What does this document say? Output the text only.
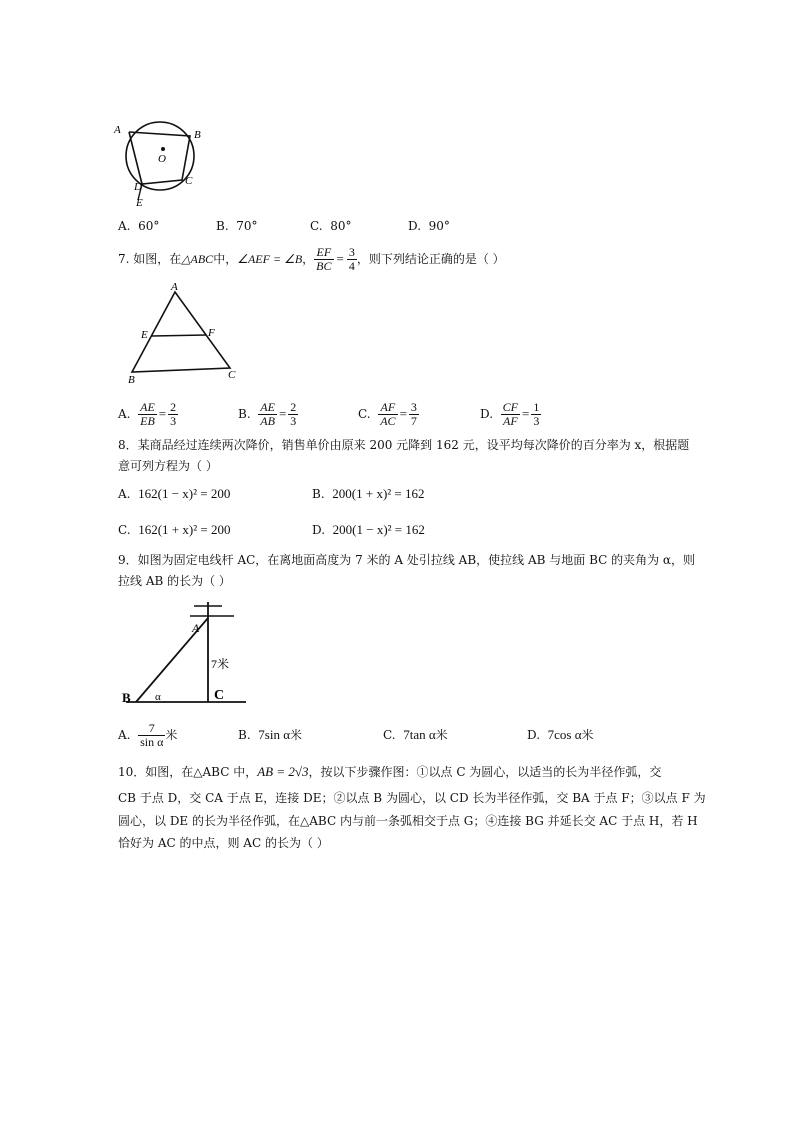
A	B
O
C
D
E
A. 60°	B. 70°	C. 80°	D. 90°
7.
如图，在 △ABC 中， ∠AEF = ∠B ， $\frac{EF}{BC} = \frac{3}{4}$ ，则下列结论正确的是（ ）
A
E	F
B	C
A.
$\frac{AE}{EB} = \frac{2}{3}$	B.
$\frac{AE}{AB} = \frac{2}{3}$	C.
$\frac{AF}{AC} = \frac{3}{7}$	D.
$\frac{CF}{AF} = \frac{1}{3}$
8．某商品经过连续两次降价，销售单价由原来 200 元降到 162 元，设平均每次降价的百分率为 x，根据题
意可列方程为（ ）
A. 162(1 − x)² = 200	B. 200(1 + x)² = 162
C. 162(1 + x)² = 200	D. 200(1 − x)² = 162
9．如图为固定电线杆 AC，在离地面高度为 7 米的 A 处引拉线 AB，使拉线 AB 与地面 BC 的夹角为 α，则
拉线 AB 的长为（ ）
A
7米
B α	C
A.
$\frac{7}{\text{sin α}}$ 米	B. 7sin α米	C. 7tan α米	D. 7cos α米
10．如图，在△ABC 中，AB = 2√3，按以下步骤作图：①以点 C 为圆心，以适当的长为半径作弧，交
CB 于点 D，交 CA 于点 E，连接 DE；②以点 B 为圆心，以 CD 长为半径作弧，交 BA 于点 F；③以点 F 为
圆心，以 DE 的长为半径作弧，在△ABC 内与前一条弧相交于点 G；④连接 BG 并延长交 AC 于点 H，若 H
恰好为 AC 的中点，则 AC 的长为（ ）
